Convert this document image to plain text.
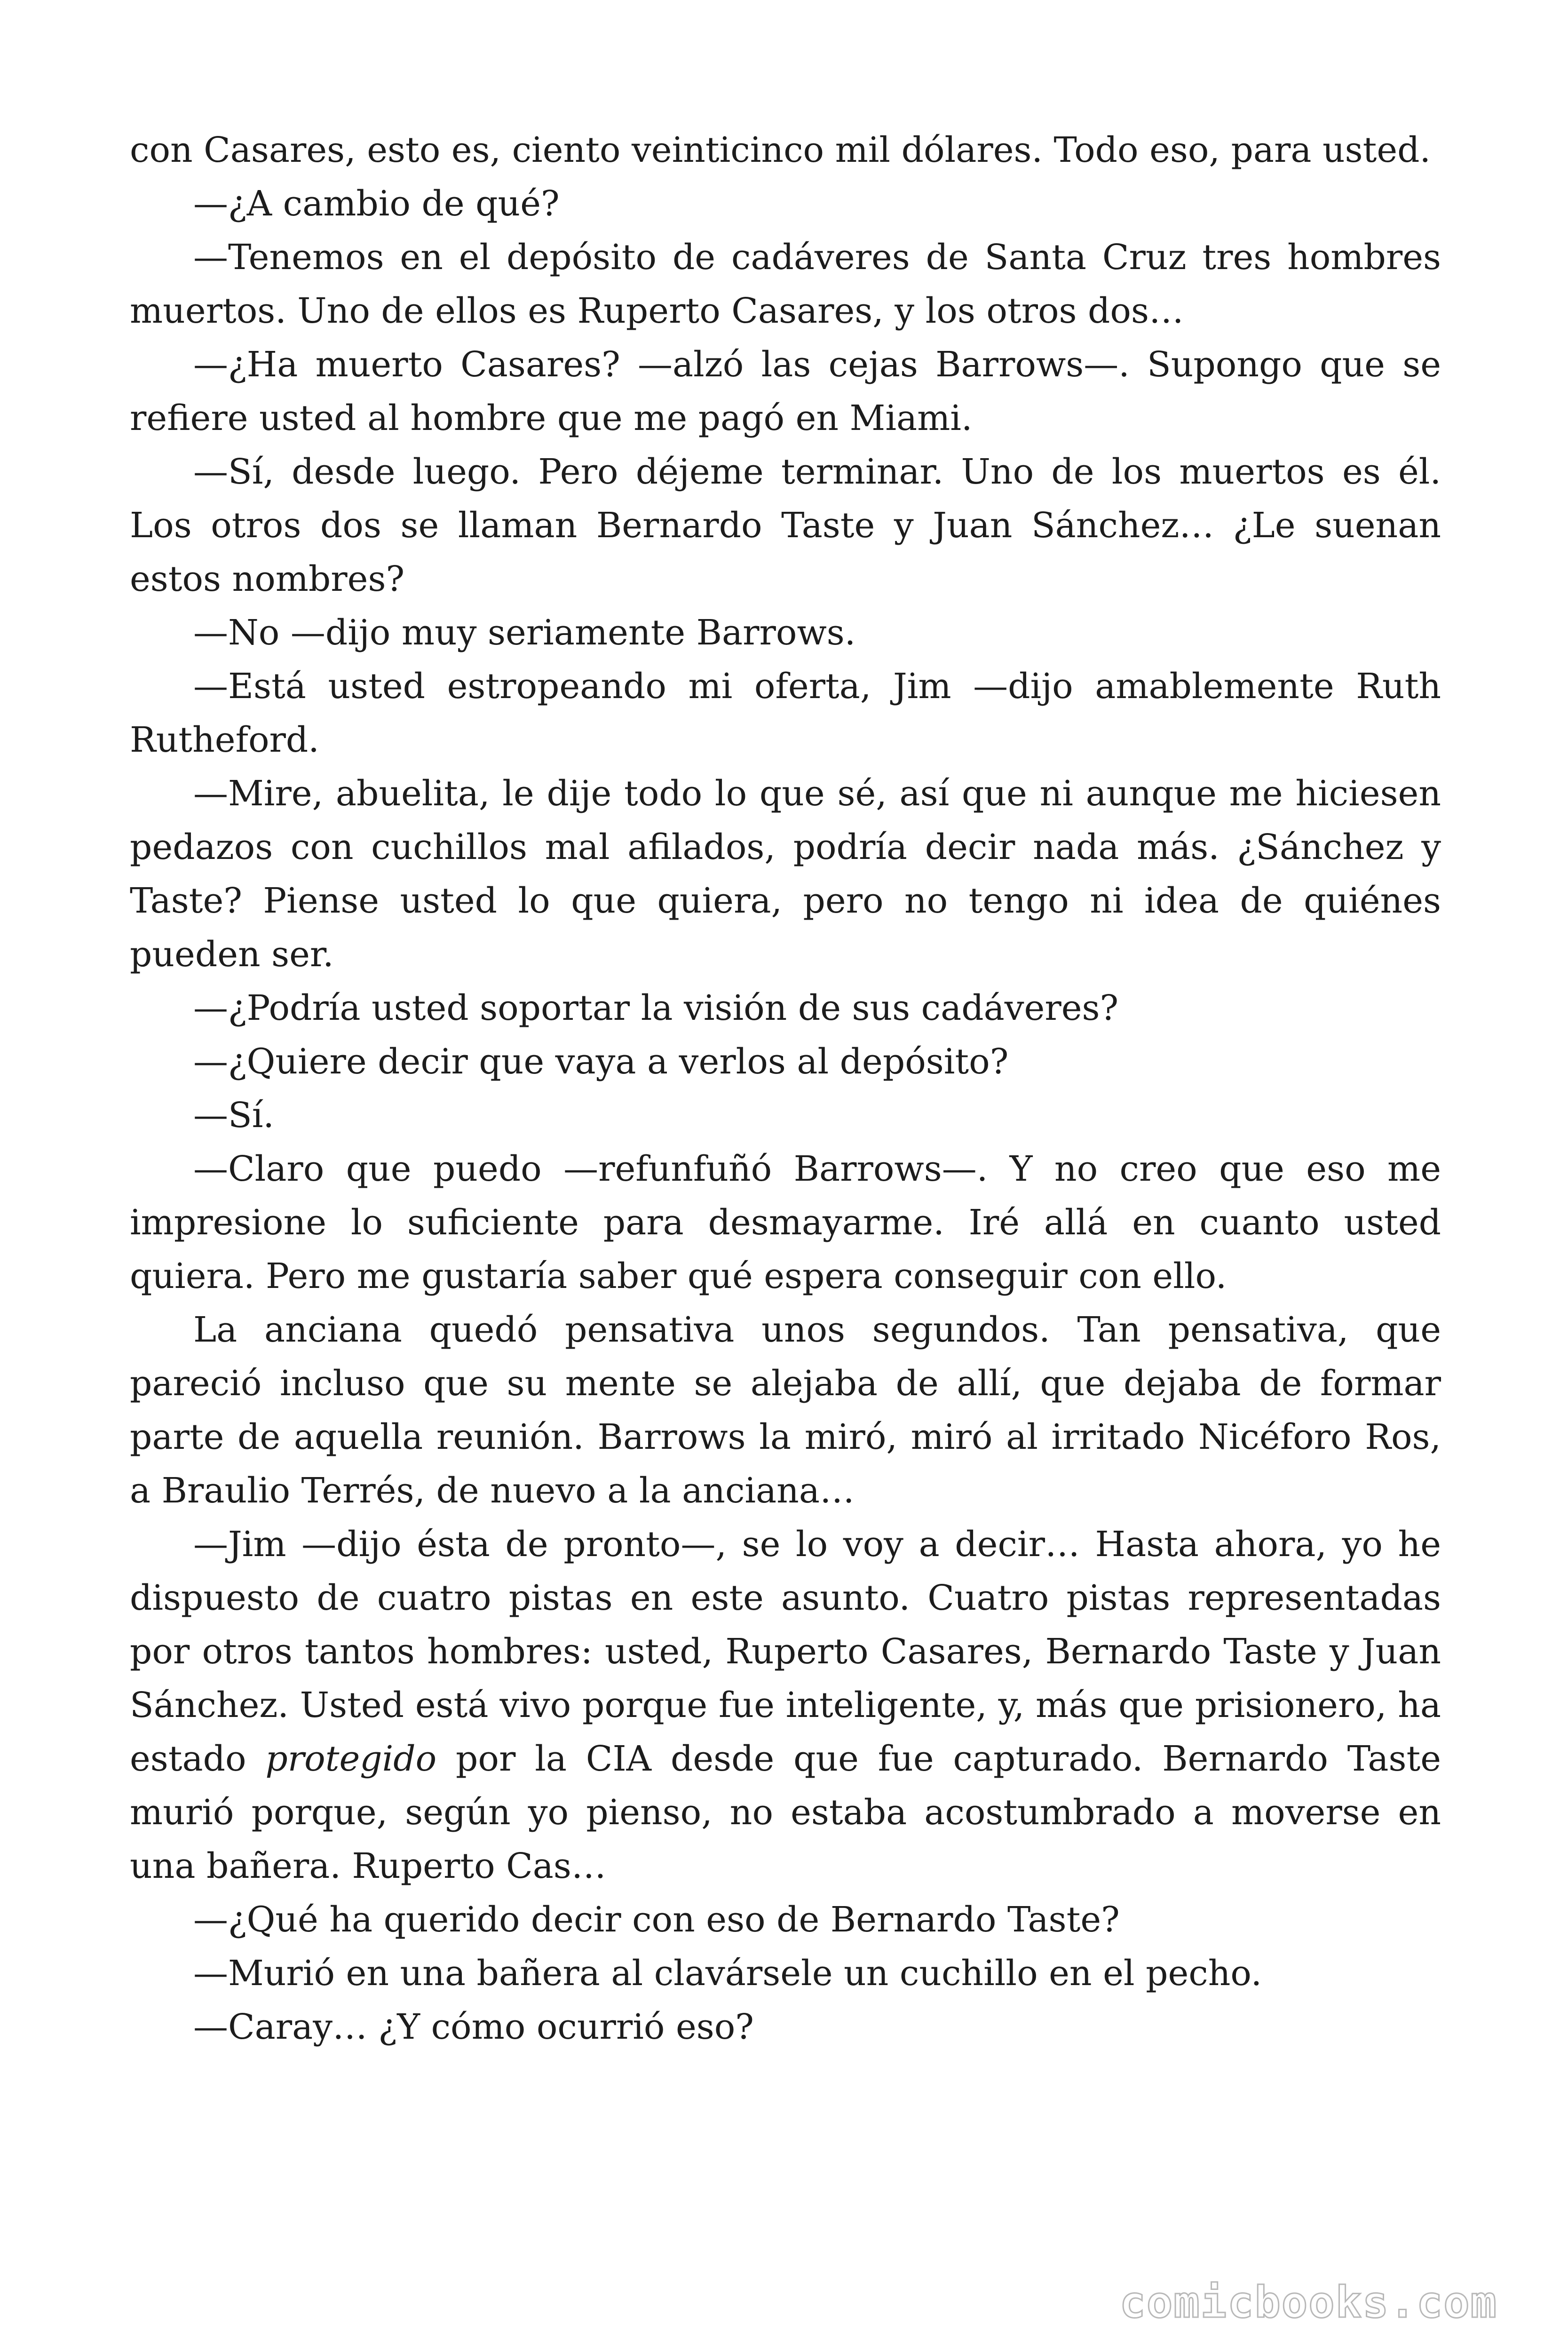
con Casares, esto es, ciento veinticinco mil dólares. Todo eso, para usted.

—¿A cambio de qué?

—Tenemos en el depósito de cadáveres de Santa Cruz tres hombres muertos. Uno de ellos es Ruperto Casares, y los otros dos…

—¿Ha muerto Casares? —alzó las cejas Barrows—. Supongo que se refiere usted al hombre que me pagó en Miami.

—Sí, desde luego. Pero déjeme terminar. Uno de los muertos es él. Los otros dos se llaman Bernardo Taste y Juan Sánchez… ¿Le suenan estos nombres?

—No —dijo muy seriamente Barrows.

—Está usted estropeando mi oferta, Jim —dijo amablemente Ruth Rutheford.

—Mire, abuelita, le dije todo lo que sé, así que ni aunque me hiciesen pedazos con cuchillos mal afilados, podría decir nada más. ¿Sánchez y Taste? Piense usted lo que quiera, pero no tengo ni idea de quiénes pueden ser.

—¿Podría usted soportar la visión de sus cadáveres?

—¿Quiere decir que vaya a verlos al depósito?

—Sí.

—Claro que puedo —refunfuñó Barrows—. Y no creo que eso me impresione lo suficiente para desmayarme. Iré allá en cuanto usted quiera. Pero me gustaría saber qué espera conseguir con ello.

La anciana quedó pensativa unos segundos. Tan pensativa, que pareció incluso que su mente se alejaba de allí, que dejaba de formar parte de aquella reunión. Barrows la miró, miró al irritado Nicéforo Ros, a Braulio Terrés, de nuevo a la anciana…

—Jim —dijo ésta de pronto—, se lo voy a decir… Hasta ahora, yo he dispuesto de cuatro pistas en este asunto. Cuatro pistas representadas por otros tantos hombres: usted, Ruperto Casares, Bernardo Taste y Juan Sánchez. Usted está vivo porque fue inteligente, y, más que prisionero, ha estado protegido por la CIA desde que fue capturado. Bernardo Taste murió porque, según yo pienso, no estaba acostumbrado a moverse en una bañera. Ruperto Cas…

—¿Qué ha querido decir con eso de Bernardo Taste?

—Murió en una bañera al clavársele un cuchillo en el pecho.

—Caray… ¿Y cómo ocurrió eso?

comicbooks.com
